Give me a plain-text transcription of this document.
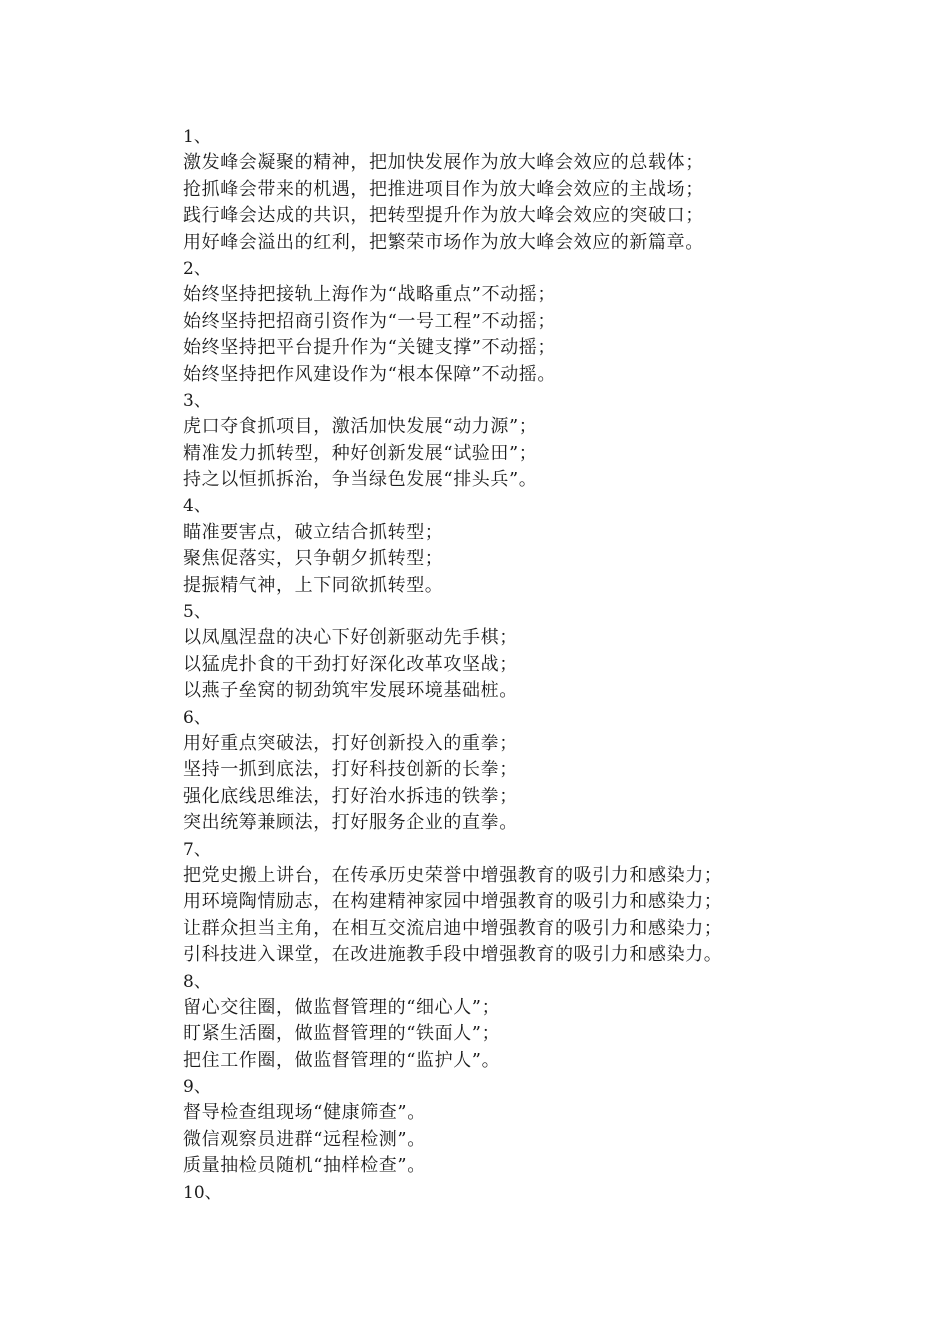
1、
激发峰会凝聚的精神，把加快发展作为放大峰会效应的总载体；
抢抓峰会带来的机遇，把推进项目作为放大峰会效应的主战场；
践行峰会达成的共识，把转型提升作为放大峰会效应的突破口；
用好峰会溢出的红利，把繁荣市场作为放大峰会效应的新篇章。
2、
始终坚持把接轨上海作为“战略重点”不动摇；
始终坚持把招商引资作为“一号工程”不动摇；
始终坚持把平台提升作为“关键支撑”不动摇；
始终坚持把作风建设作为“根本保障”不动摇。
3、
虎口夺食抓项目，激活加快发展“动力源”；
精准发力抓转型，种好创新发展“试验田”；
持之以恒抓拆治，争当绿色发展“排头兵”。
4、
瞄准要害点，破立结合抓转型；
聚焦促落实，只争朝夕抓转型；
提振精气神，上下同欲抓转型。
5、
以凤凰涅盘的决心下好创新驱动先手棋；
以猛虎扑食的干劲打好深化改革攻坚战；
以燕子垒窝的韧劲筑牢发展环境基础桩。
6、
用好重点突破法，打好创新投入的重拳；
坚持一抓到底法，打好科技创新的长拳；
强化底线思维法，打好治水拆违的铁拳；
突出统筹兼顾法，打好服务企业的直拳。
7、
把党史搬上讲台，在传承历史荣誉中增强教育的吸引力和感染力；
用环境陶情励志，在构建精神家园中增强教育的吸引力和感染力；
让群众担当主角，在相互交流启迪中增强教育的吸引力和感染力；
引科技进入课堂，在改进施教手段中增强教育的吸引力和感染力。
8、
留心交往圈，做监督管理的“细心人”；
盯紧生活圈，做监督管理的“铁面人”；
把住工作圈，做监督管理的“监护人”。
9、
督导检查组现场“健康筛查”。
微信观察员进群“远程检测”。
质量抽检员随机“抽样检查”。
10、
